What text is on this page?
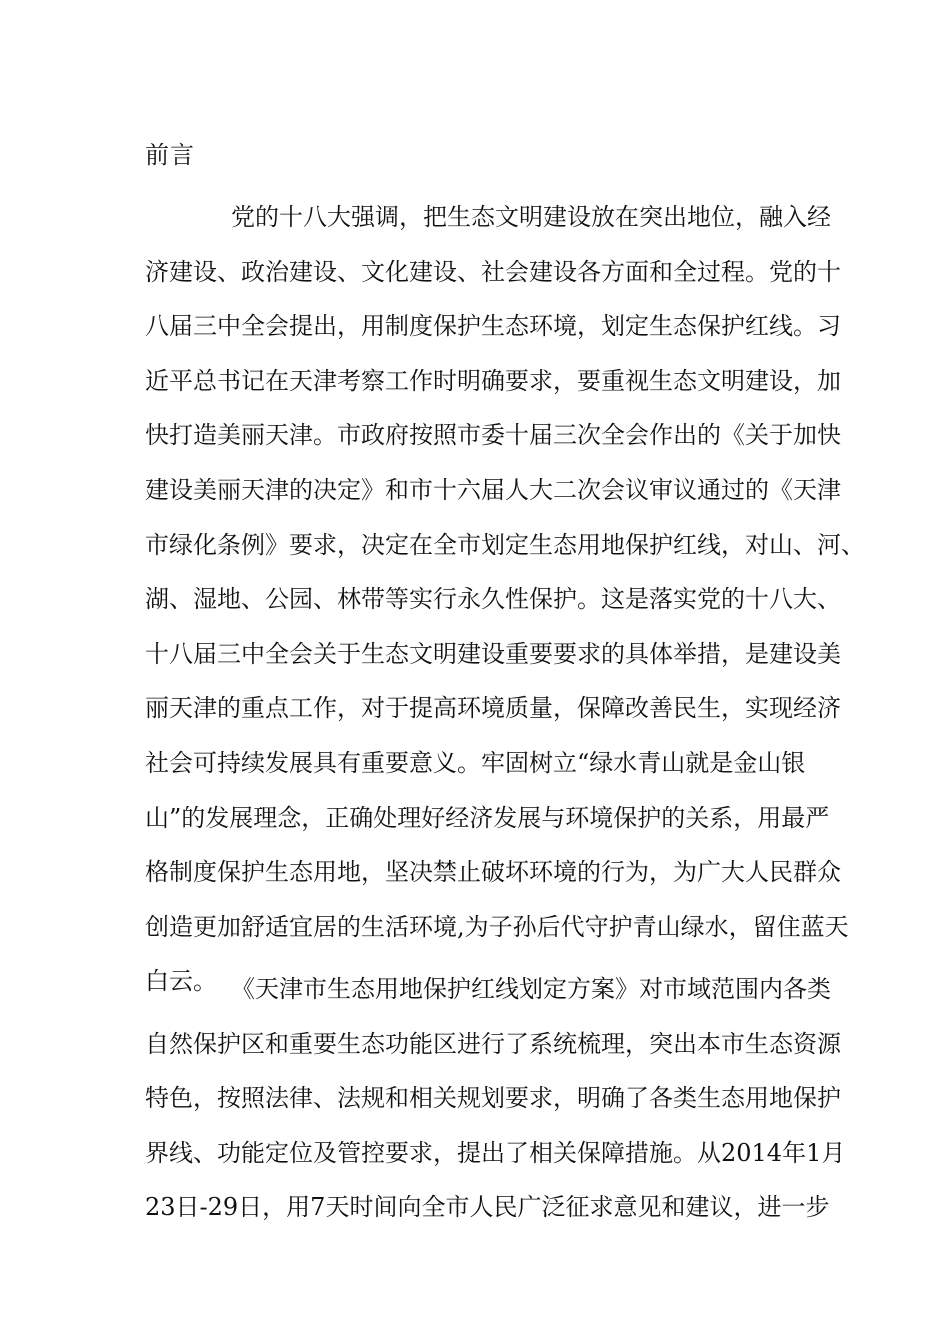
前言
党的十八大强调，把生态文明建设放在突出地位，融入经
济建设、政治建设、文化建设、社会建设各方面和全过程。党的十
八届三中全会提出，用制度保护生态环境，划定生态保护红线。习
近平总书记在天津考察工作时明确要求，要重视生态文明建设，加
快打造美丽天津。市政府按照市委十届三次全会作出的《关于加快
建设美丽天津的决定》和市十六届人大二次会议审议通过的《天津
市绿化条例》要求，决定在全市划定生态用地保护红线，对山、河、
湖、湿地、公园、林带等实行永久性保护。这是落实党的十八大、
十八届三中全会关于生态文明建设重要要求的具体举措，是建设美
丽天津的重点工作，对于提高环境质量，保障改善民生，实现经济
社会可持续发展具有重要意义。牢固树立“绿水青山就是金山银
山”的发展理念，正确处理好经济发展与环境保护的关系，用最严
格制度保护生态用地，坚决禁止破坏环境的行为，为广大人民群众
创造更加舒适宜居的生活环境,为子孙后代守护青山绿水，留住蓝天
白云。 《天津市生态用地保护红线划定方案》对市域范围内各类
自然保护区和重要生态功能区进行了系统梳理，突出本市生态资源
特色，按照法律、法规和相关规划要求，明确了各类生态用地保护
界线、功能定位及管控要求，提出了相关保障措施。从2014年1月
23日-29日，用7天时间向全市人民广泛征求意见和建议，进一步
